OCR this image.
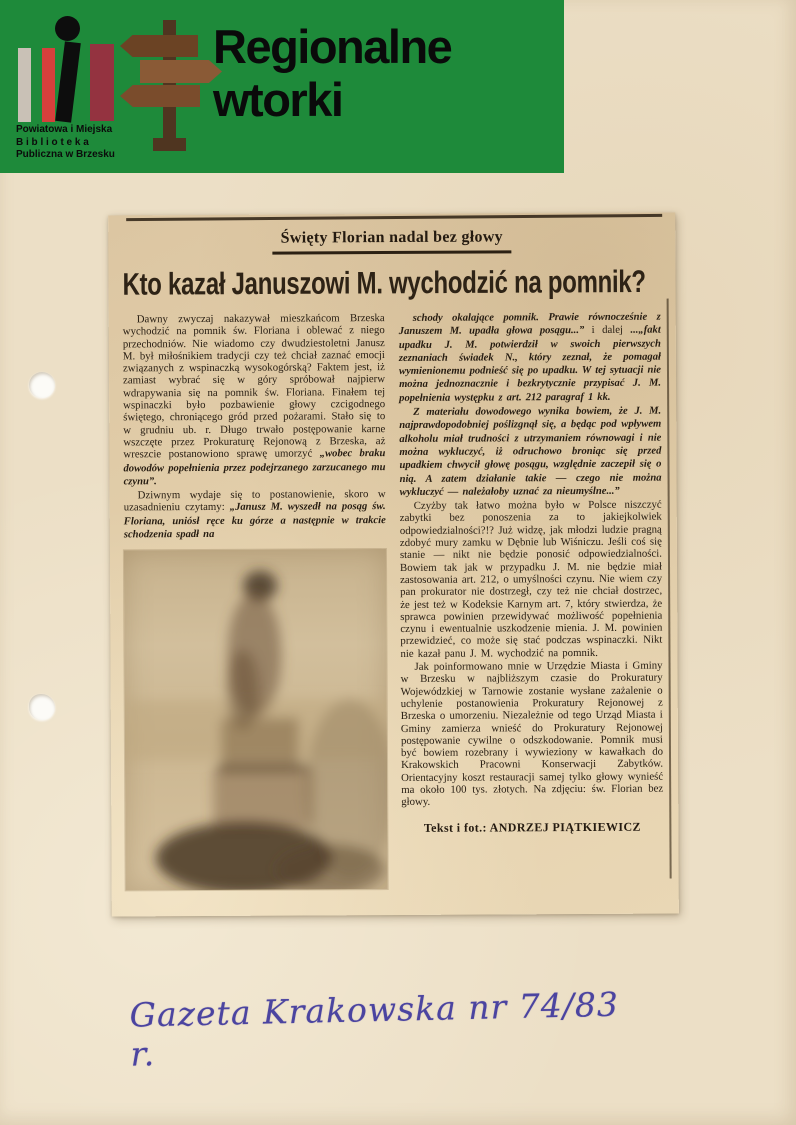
Powiatowa i Miejska
B i b l i o t e k a
Publiczna w Brzesku
Regionalne
wtorki
Święty Florian nadal bez głowy
Kto kazał Januszowi M. wychodzić na pomnik?

Dawny zwyczaj nakazywał mieszkańcom Brzeska wychodzić na pomnik św. Floriana i oblewać z niego przechodniów. Nie wiadomo czy dwudziestoletni Janusz M. był miłośnikiem tradycji czy też chciał zaznać emocji związanych z wspinaczką wysokogórską? Faktem jest, iż zamiast wybrać się w góry spróbował najpierw wdrapywania się na pomnik św. Floriana. Finałem tej wspinaczki było pozbawienie głowy czcigodnego świętego, chroniącego gród przed pożarami. Stało się to w grudniu ub. r. Długo trwało postępowanie karne wszczęte przez Prokuraturę Rejonową z Brzeska, aż wreszcie postanowiono sprawę umorzyć „wobec braku dowodów popełnienia przez podejrzanego zarzucanego mu czynu”.

Dziwnym wydaje się to postanowienie, skoro w uzasadnieniu czytamy: „Janusz M. wyszedł na posąg św. Floriana, uniósł ręce ku górze a następnie w trakcie schodzenia spadł na

schody okalające pomnik. Prawie równocześnie z Januszem M. upadła głowa posągu...” i dalej ...„fakt upadku J. M. potwierdził w swoich pierwszych zeznaniach świadek N., który zeznał, że pomagał wymienionemu podnieść się po upadku. W tej sytuacji nie można jednoznacznie i bezkrytycznie przypisać J. M. popełnienia występku z art. 212 paragraf 1 kk.

Z materiału dowodowego wynika bowiem, że J. M. najprawdopodobniej poślizgnął się, a będąc pod wpływem alkoholu miał trudności z utrzymaniem równowagi i nie można wykluczyć, iż odruchowo broniąc się przed upadkiem chwycił głowę posągu, względnie zaczepił się o nią. A zatem działanie takie — czego nie można wykluczyć — należałoby uznać za nieumyślne...”

Czyżby tak łatwo można było w Polsce niszczyć zabytki bez ponoszenia za to jakiejkolwiek odpowiedzialności?!? Już widzę, jak młodzi ludzie pragną zdobyć mury zamku w Dębnie lub Wiśniczu. Jeśli coś się stanie — nikt nie będzie ponosić odpowiedzialności. Bowiem tak jak w przypadku J. M. nie będzie miał zastosowania art. 212, o umyślności czynu. Nie wiem czy pan prokurator nie dostrzegł, czy też nie chciał dostrzec, że jest też w Kodeksie Karnym art. 7, który stwierdza, że sprawca powinien przewidywać możliwość popełnienia czynu i ewentualnie uszkodzenie mienia. J. M. powinien przewidzieć, co może się stać podczas wspinaczki. Nikt nie kazał panu J. M. wychodzić na pomnik.

Jak poinformowano mnie w Urzędzie Miasta i Gminy w Brzesku w najbliższym czasie do Prokuratury Wojewódzkiej w Tarnowie zostanie wysłane zażalenie o uchylenie postanowienia Prokuratury Rejonowej z Brzeska o umorzeniu. Niezależnie od tego Urząd Miasta i Gminy zamierza wnieść do Prokuratury Rejonowej postępowanie cywilne o odszkodowanie. Pomnik musi być bowiem rozebrany i wywieziony w kawałkach do Krakowskich Pracowni Konserwacji Zabytków. Orientacyjny koszt restauracji samej tylko głowy wynieść ma około 100 tys. złotych. Na zdjęciu: św. Florian bez głowy.

Tekst i fot.: ANDRZEJ PIĄTKIEWICZ
Gazeta Krakowska nr 74/83 r.
